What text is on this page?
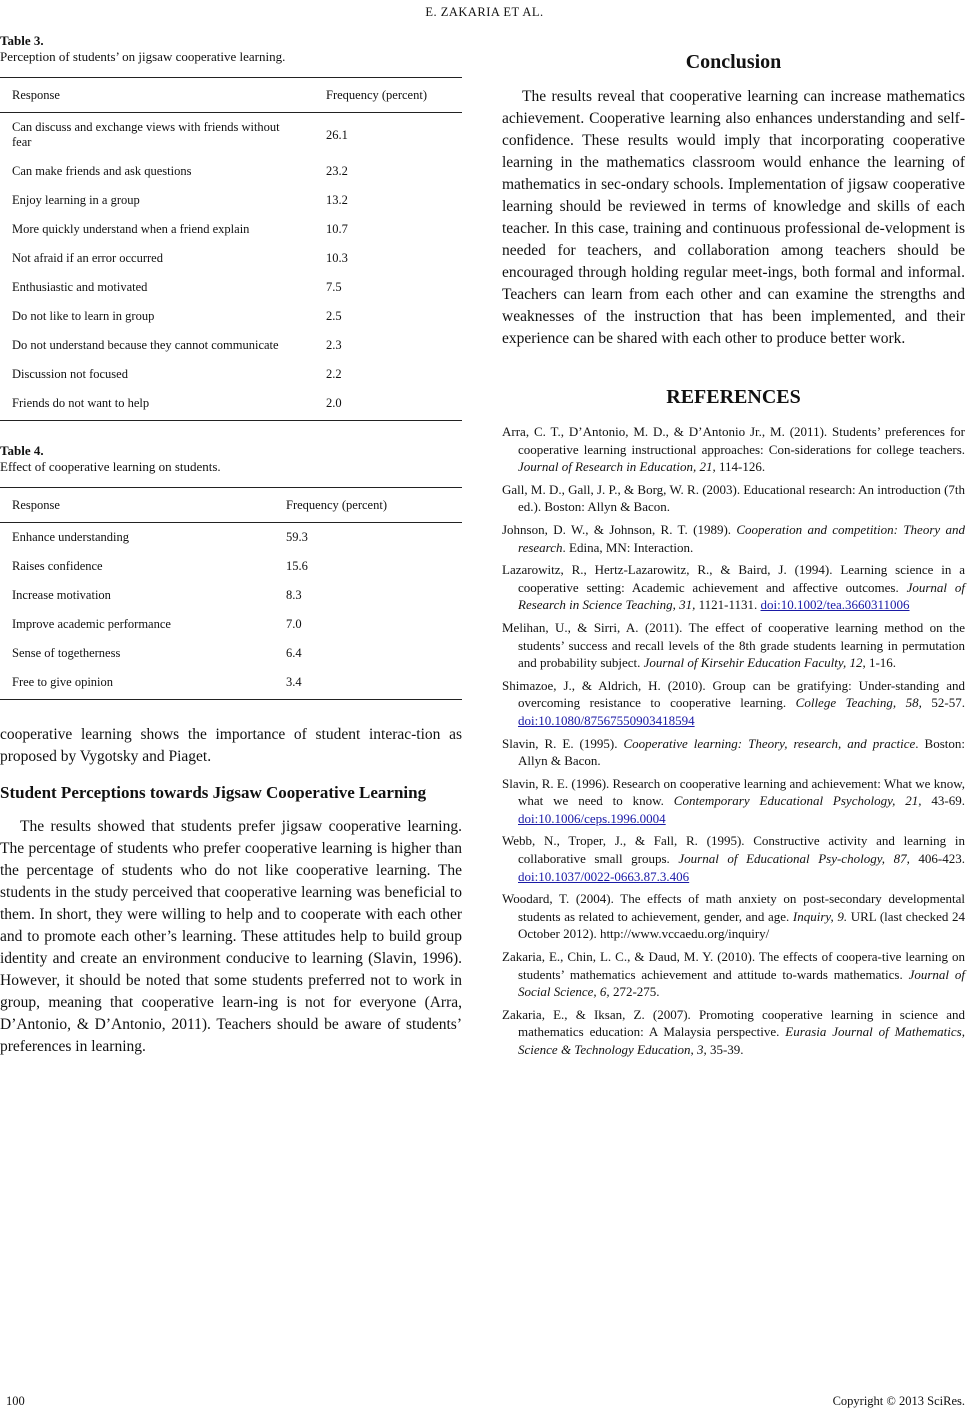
E. ZAKARIA ET AL.
Table 3.
Perception of students’ on jigsaw cooperative learning.
Response	Frequency (percent)
Can discuss and exchange views with friends without fear	26.1
Can make friends and ask questions	23.2
Enjoy learning in a group	13.2
More quickly understand when a friend explain	10.7
Not afraid if an error occurred	10.3
Enthusiastic and motivated	7.5
Do not like to learn in group	2.5
Do not understand because they cannot communicate	2.3
Discussion not focused	2.2
Friends do not want to help	2.0
Table 4.
Effect of cooperative learning on students.
Response	Frequency (percent)
Enhance understanding	59.3
Raises confidence	15.6
Increase motivation	8.3
Improve academic performance	7.0
Sense of togetherness	6.4
Free to give opinion	3.4

cooperative learning shows the importance of student interac-tion as proposed by Vygotsky and Piaget.

Student Perceptions towards Jigsaw Cooperative Learning

The results showed that students prefer jigsaw cooperative learning. The percentage of students who prefer cooperative learning is higher than the percentage of students who do not like cooperative learning. The students in the study perceived that cooperative learning was beneficial to them. In short, they were willing to help and to cooperate with each other and to promote each other’s learning. These attitudes help to build group identity and create an environment conducive to learning (Slavin, 1996). However, it should be noted that some students preferred not to work in group, meaning that cooperative learn-ing is not for everyone (Arra, D’Antonio, & D’Antonio, 2011). Teachers should be aware of students’ preferences in learning.

Conclusion

The results reveal that cooperative learning can increase mathematics achievement. Cooperative learning also enhances understanding and self-confidence. These results would imply that incorporating cooperative learning in the mathematics classroom would enhance the learning of mathematics in sec-ondary schools. Implementation of jigsaw cooperative learning should be reviewed in terms of knowledge and skills of each teacher. In this case, training and continuous professional de-velopment is needed for teachers, and collaboration among teachers should be encouraged through holding regular meet-ings, both formal and informal. Teachers can learn from each other and can examine the strengths and weaknesses of the instruction that has been implemented, and their experience can be shared with each other to produce better work.

REFERENCES
Arra, C. T., D’Antonio, M. D., & D’Antonio Jr., M. (2011). Students’ preferences for cooperative learning instructional approaches: Con-siderations for college teachers. Journal of Research in Education, 21, 114-126.
Gall, M. D., Gall, J. P., & Borg, W. R. (2003). Educational research: An introduction (7th ed.). Boston: Allyn & Bacon.
Johnson, D. W., & Johnson, R. T. (1989). Cooperation and competition: Theory and research. Edina, MN: Interaction.
Lazarowitz, R., Hertz-Lazarowitz, R., & Baird, J. (1994). Learning science in a cooperative setting: Academic achievement and affective outcomes. Journal of Research in Science Teaching, 31, 1121-1131. doi:10.1002/tea.3660311006
Melihan, U., & Sirri, A. (2011). The effect of cooperative learning method on the students’ success and recall levels of the 8th grade students learning in permutation and probability subject. Journal of Kirsehir Education Faculty, 12, 1-16.
Shimazoe, J., & Aldrich, H. (2010). Group can be gratifying: Under-standing and overcoming resistance to cooperative learning. College Teaching, 58, 52-57. doi:10.1080/87567550903418594
Slavin, R. E. (1995). Cooperative learning: Theory, research, and practice. Boston: Allyn & Bacon.
Slavin, R. E. (1996). Research on cooperative learning and achievement: What we know, what we need to know. Contemporary Educational Psychology, 21, 43-69. doi:10.1006/ceps.1996.0004
Webb, N., Troper, J., & Fall, R. (1995). Constructive activity and learning in collaborative small groups. Journal of Educational Psy-chology, 87, 406-423. doi:10.1037/0022-0663.87.3.406
Woodard, T. (2004). The effects of math anxiety on post-secondary developmental students as related to achievement, gender, and age. Inquiry, 9. URL (last checked 24 October 2012). http://www.vccaedu.org/inquiry/
Zakaria, E., Chin, L. C., & Daud, M. Y. (2010). The effects of coopera-tive learning on students’ mathematics achievement and attitude to-wards mathematics. Journal of Social Science, 6, 272-275.
Zakaria, E., & Iksan, Z. (2007). Promoting cooperative learning in science and mathematics education: A Malaysia perspective. Eurasia Journal of Mathematics, Science & Technology Education, 3, 35-39.
100	Copyright © 2013 SciRes.
